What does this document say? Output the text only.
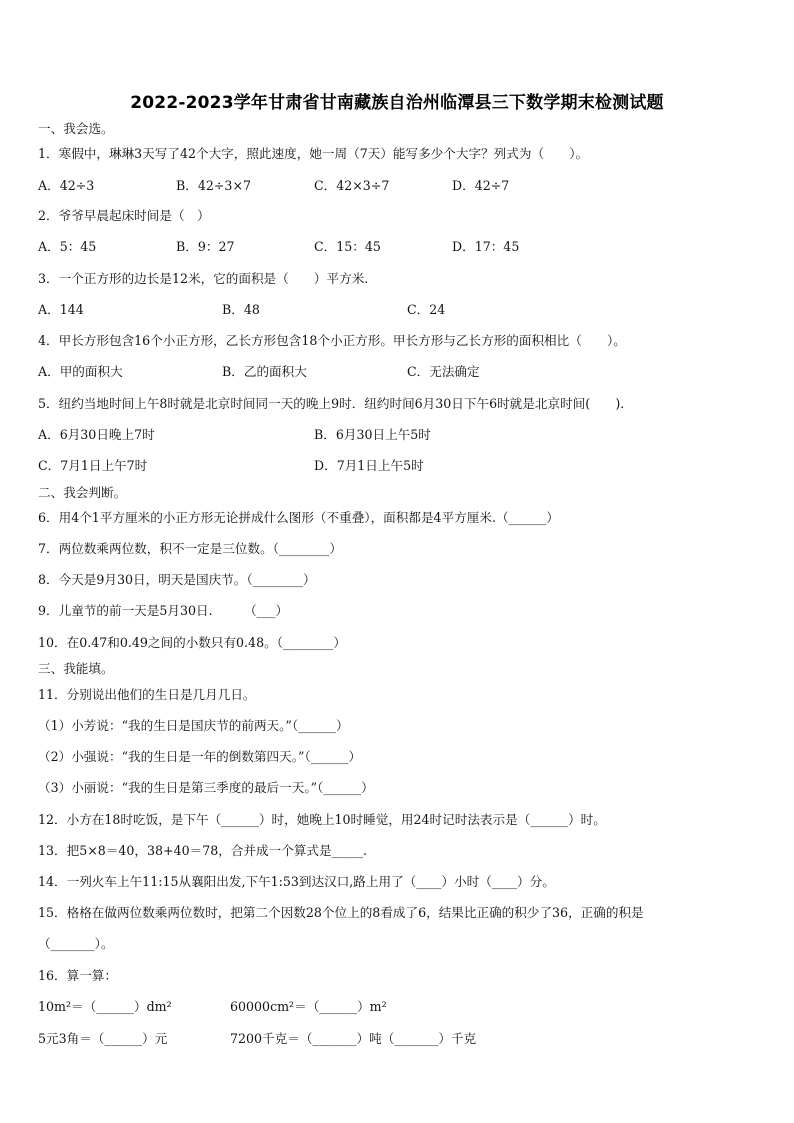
2022-2023学年甘肃省甘南藏族自治州临潭县三下数学期末检测试题
一、我会选。
1．寒假中，琳琳3天写了42个大字，照此速度，她一周（7天）能写多少个大字？列式为（　　）。
A．42÷3	B．42÷3×7	C．42×3÷7	D．42÷7
2．爷爷早晨起床时间是（　）
A．5：45	B．9：27	C．15：45	D．17：45
3．一个正方形的边长是12米，它的面积是（　　）平方米.
A．144	B．48	C．24
4．甲长方形包含16个小正方形，乙长方形包含18个小正方形。甲长方形与乙长方形的面积相比（　　）。
A．甲的面积大	B．乙的面积大	C．无法确定
5．纽约当地时间上午8时就是北京时间同一天的晚上9时．纽约时间6月30日下午6时就是北京时间(　　).
A．6月30日晚上7时	B．6月30日上午5时
C．7月1日上午7时	D．7月1日上午5时
二、我会判断。
6．用4个1平方厘米的小正方形无论拼成什么图形（不重叠），面积都是4平方厘米.（______）
7．两位数乘两位数，积不一定是三位数。（________）
8．今天是9月30日，明天是国庆节。（________）
9．儿童节的前一天是5月30日.　　　（___）
10．在0.47和0.49之间的小数只有0.48。（________）
三、我能填。
11．分别说出他们的生日是几月几日。
（1）小芳说：“我的生日是国庆节的前两天。”（______）
（2）小强说：“我的生日是一年的倒数第四天。”（______）
（3）小丽说：“我的生日是第三季度的最后一天。”（______）
12．小方在18时吃饭，是下午（______）时，她晚上10时睡觉，用24时记时法表示是（______）时。
13．把5×8＝40，38+40＝78，合并成一个算式是_____.
14．一列火车上午11:15从襄阳出发,下午1:53到达汉口,路上用了（____）小时（____）分。
15．格格在做两位数乘两位数时，把第二个因数28个位上的8看成了6，结果比正确的积少了36，正确的积是
（_______）。
16．算一算：
10m²＝（______）dm²	60000cm²＝（______）m²
5元3角＝（______）元	7200千克＝（_______）吨（_______）千克
